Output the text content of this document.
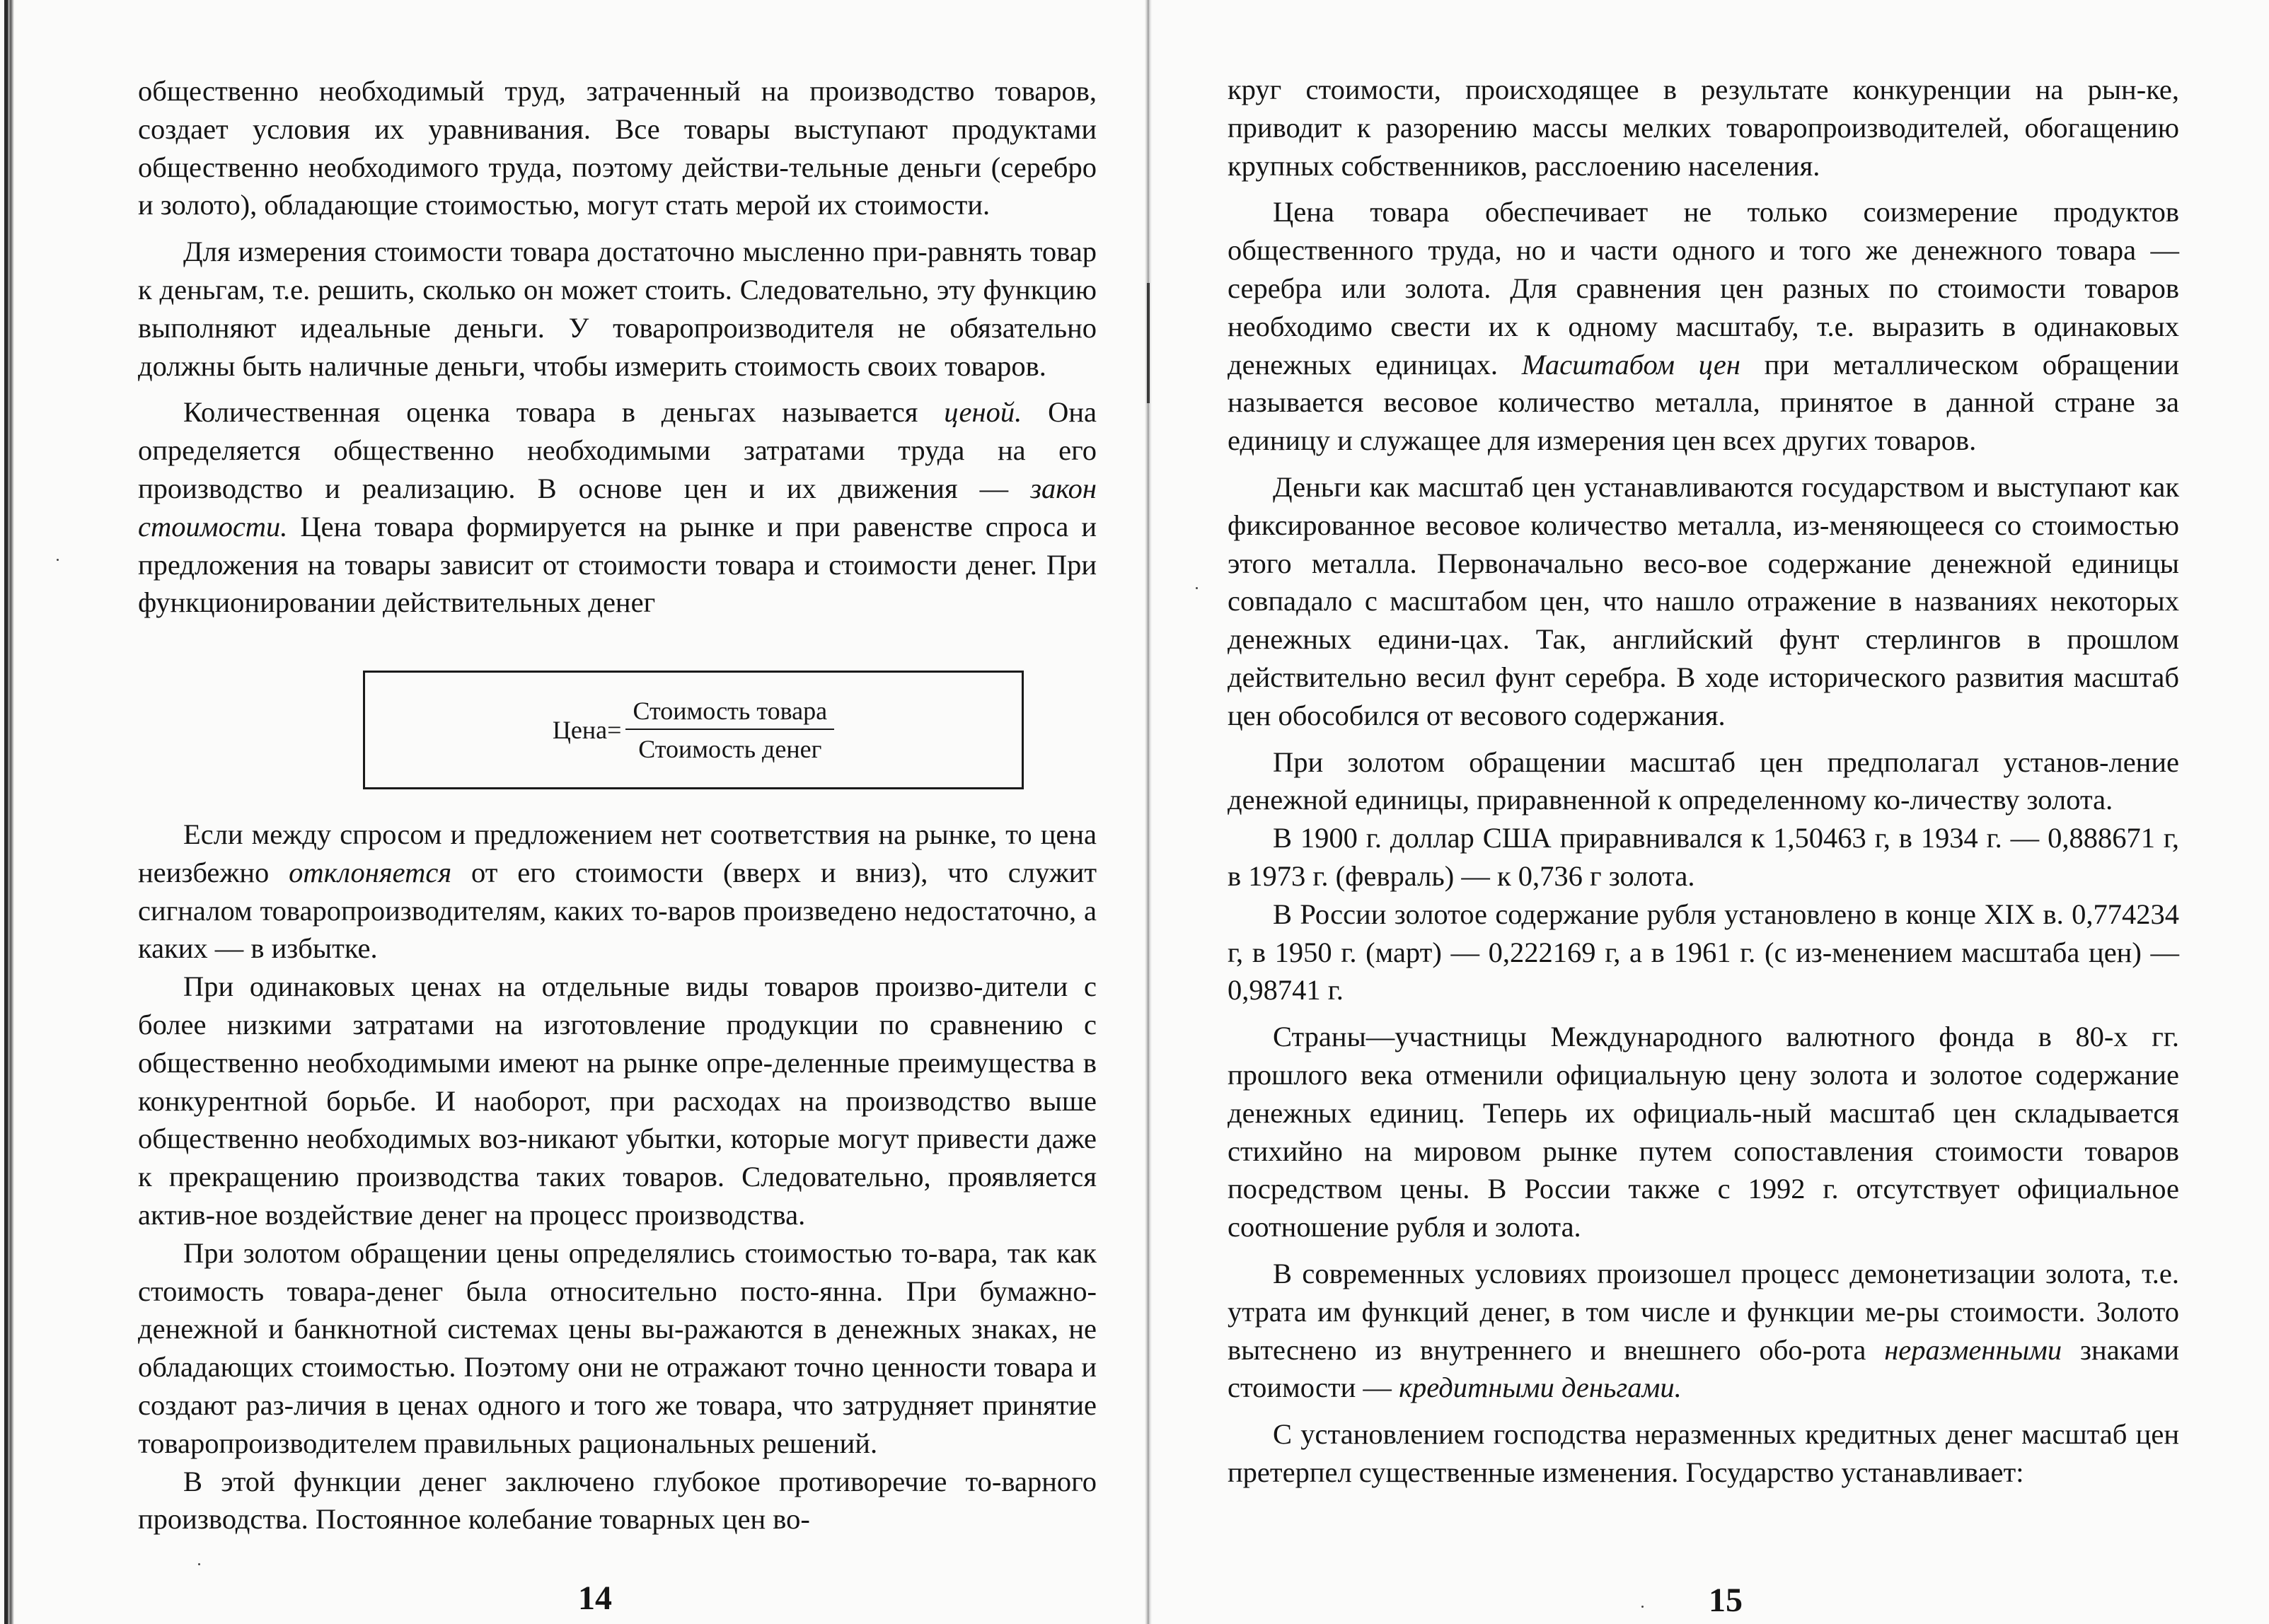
общественно необходимый труд, затраченный на производство товаров, создает условия их уравнивания. Все товары выступают продуктами общественно необходимого труда, поэтому действи-тельные деньги (серебро и золото), обладающие стоимостью, могут стать мерой их стоимости.

Для измерения стоимости товара достаточно мысленно при-равнять товар к деньгам, т.е. решить, сколько он может стоить. Следовательно, эту функцию выполняют идеальные деньги. У товаропроизводителя не обязательно должны быть наличные деньги, чтобы измерить стоимость своих товаров.

Количественная оценка товара в деньгах называется ценой. Она определяется общественно необходимыми затратами труда на его производство и реализацию. В основе цен и их движения — закон стоимости. Цена товара формируется на рынке и при равенстве спроса и предложения на товары зависит от стоимости товара и стоимости денег. При функционировании действительных денег

Цена= $\frac{\text{Стоимость товара}}{\text{Стоимость денег}}$

Если между спросом и предложением нет соответствия на рынке, то цена неизбежно отклоняется от его стоимости (вверх и вниз), что служит сигналом товаропроизводителям, каких то-варов произведено недостаточно, а каких — в избытке.

При одинаковых ценах на отдельные виды товаров произво-дители с более низкими затратами на изготовление продукции по сравнению с общественно необходимыми имеют на рынке опре-деленные преимущества в конкурентной борьбе. И наоборот, при расходах на производство выше общественно необходимых воз-никают убытки, которые могут привести даже к прекращению производства таких товаров. Следовательно, проявляется актив-ное воздействие денег на процесс производства.

При золотом обращении цены определялись стоимостью то-вара, так как стоимость товара-денег была относительно посто-янна. При бумажно-денежной и банкнотной системах цены вы-ражаются в денежных знаках, не обладающих стоимостью. Поэтому они не отражают точно ценности товара и создают раз-личия в ценах одного и того же товара, что затрудняет принятие товаропроизводителем правильных рациональных решений.

В этой функции денег заключено глубокое противоречие то-варного производства. Постоянное колебание товарных цен во-

14

круг стоимости, происходящее в результате конкуренции на рын-ке, приводит к разорению массы мелких товаропроизводителей, обогащению крупных собственников, расслоению населения.

Цена товара обеспечивает не только соизмерение продуктов общественного труда, но и части одного и того же денежного товара — серебра или золота. Для сравнения цен разных по стоимости товаров необходимо свести их к одному масштабу, т.е. выразить в одинаковых денежных единицах. Масштабом цен при металлическом обращении называется весовое количество металла, принятое в данной стране за единицу и служащее для измерения цен всех других товаров.

Деньги как масштаб цен устанавливаются государством и выступают как фиксированное весовое количество металла, из-меняющееся со стоимостью этого металла. Первоначально весо-вое содержание денежной единицы совпадало с масштабом цен, что нашло отражение в названиях некоторых денежных едини-цах. Так, английский фунт стерлингов в прошлом действительно весил фунт серебра. В ходе исторического развития масштаб цен обособился от весового содержания.

При золотом обращении масштаб цен предполагал установ-ление денежной единицы, приравненной к определенному ко-личеству золота.

В 1900 г. доллар США приравнивался к 1,50463 г, в 1934 г. — 0,888671 г, в 1973 г. (февраль) — к 0,736 г золота.

В России золотое содержание рубля установлено в конце XIX в. 0,774234 г, в 1950 г. (март) — 0,222169 г, а в 1961 г. (с из-менением масштаба цен) — 0,98741 г.

Страны—участницы Международного валютного фонда в 80-х гг. прошлого века отменили официальную цену золота и золотое содержание денежных единиц. Теперь их официаль-ный масштаб цен складывается стихийно на мировом рынке путем сопоставления стоимости товаров посредством цены. В России также с 1992 г. отсутствует официальное соотношение рубля и золота.

В современных условиях произошел процесс демонетизации золота, т.е. утрата им функций денег, в том числе и функции ме-ры стоимости. Золото вытеснено из внутреннего и внешнего обо-рота неразменными знаками стоимости — кредитными деньгами.

С установлением господства неразменных кредитных денег масштаб цен претерпел существенные изменения. Государство устанавливает:

15
